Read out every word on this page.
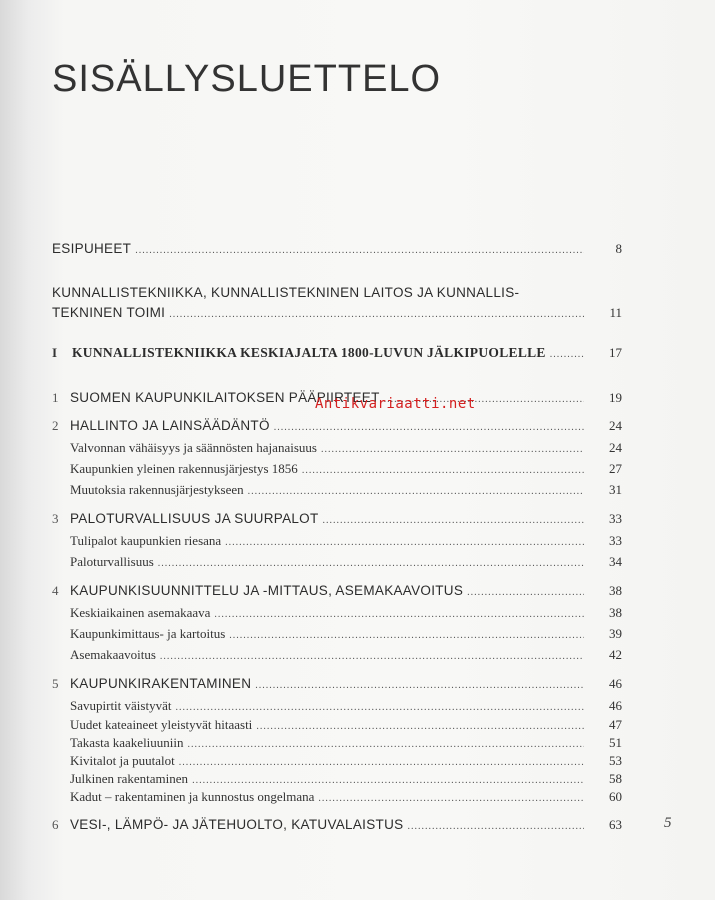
SISÄLLYSLUETTELO
ESIPUHEET .....	8
KUNNALLISTEKNIIKKA, KUNNALLISTEKNINEN LAITOS JA KUNNALLIS-
TEKNINEN TOIMI .....	11
I	KUNNALLISTEKNIIKKA KESKIAJALTA 1800-LUVUN JÄLKIPUOLELLE .....	17
1 SUOMEN KAUPUNKILAITOKSEN PÄÄPIIRTEET .....	19
2 HALLINTO JA LAINSÄÄDÄNTÖ .....	24
Valvonnan vähäisyys ja säännösten hajanaisuus .....	24
Kaupunkien yleinen rakennusjärjestys 1856 .....	27
Muutoksia rakennusjärjestykseen .....	31
3 PALOTURVALLISUUS JA SUURPALOT .....	33
Tulipalot kaupunkien riesana .....	33
Paloturvallisuus .....	34
4 KAUPUNKISUUNNITTELU JA -MITTAUS, ASEMAKAAVOITUS .....	38
Keskiaikainen asemakaava .....	38
Kaupunkimittaus- ja kartoitus .....	39
Asemakaavoitus .....	42
5 KAUPUNKIRAKENTAMINEN .....	46
Savupirtit väistyvät .....	46
Uudet kateaineet yleistyvät hitaasti .....	47
Takasta kaakeliuuniin .....	51
Kivitalot ja puutalot .....	53
Julkinen rakentaminen .....	58
Kadut – rakentaminen ja kunnostus ongelmana .....	60
6 VESI-, LÄMPÖ- JA JÄTEHUOLTO, KATUVALAISTUS .....	63
Antikvariaatti.net
5
